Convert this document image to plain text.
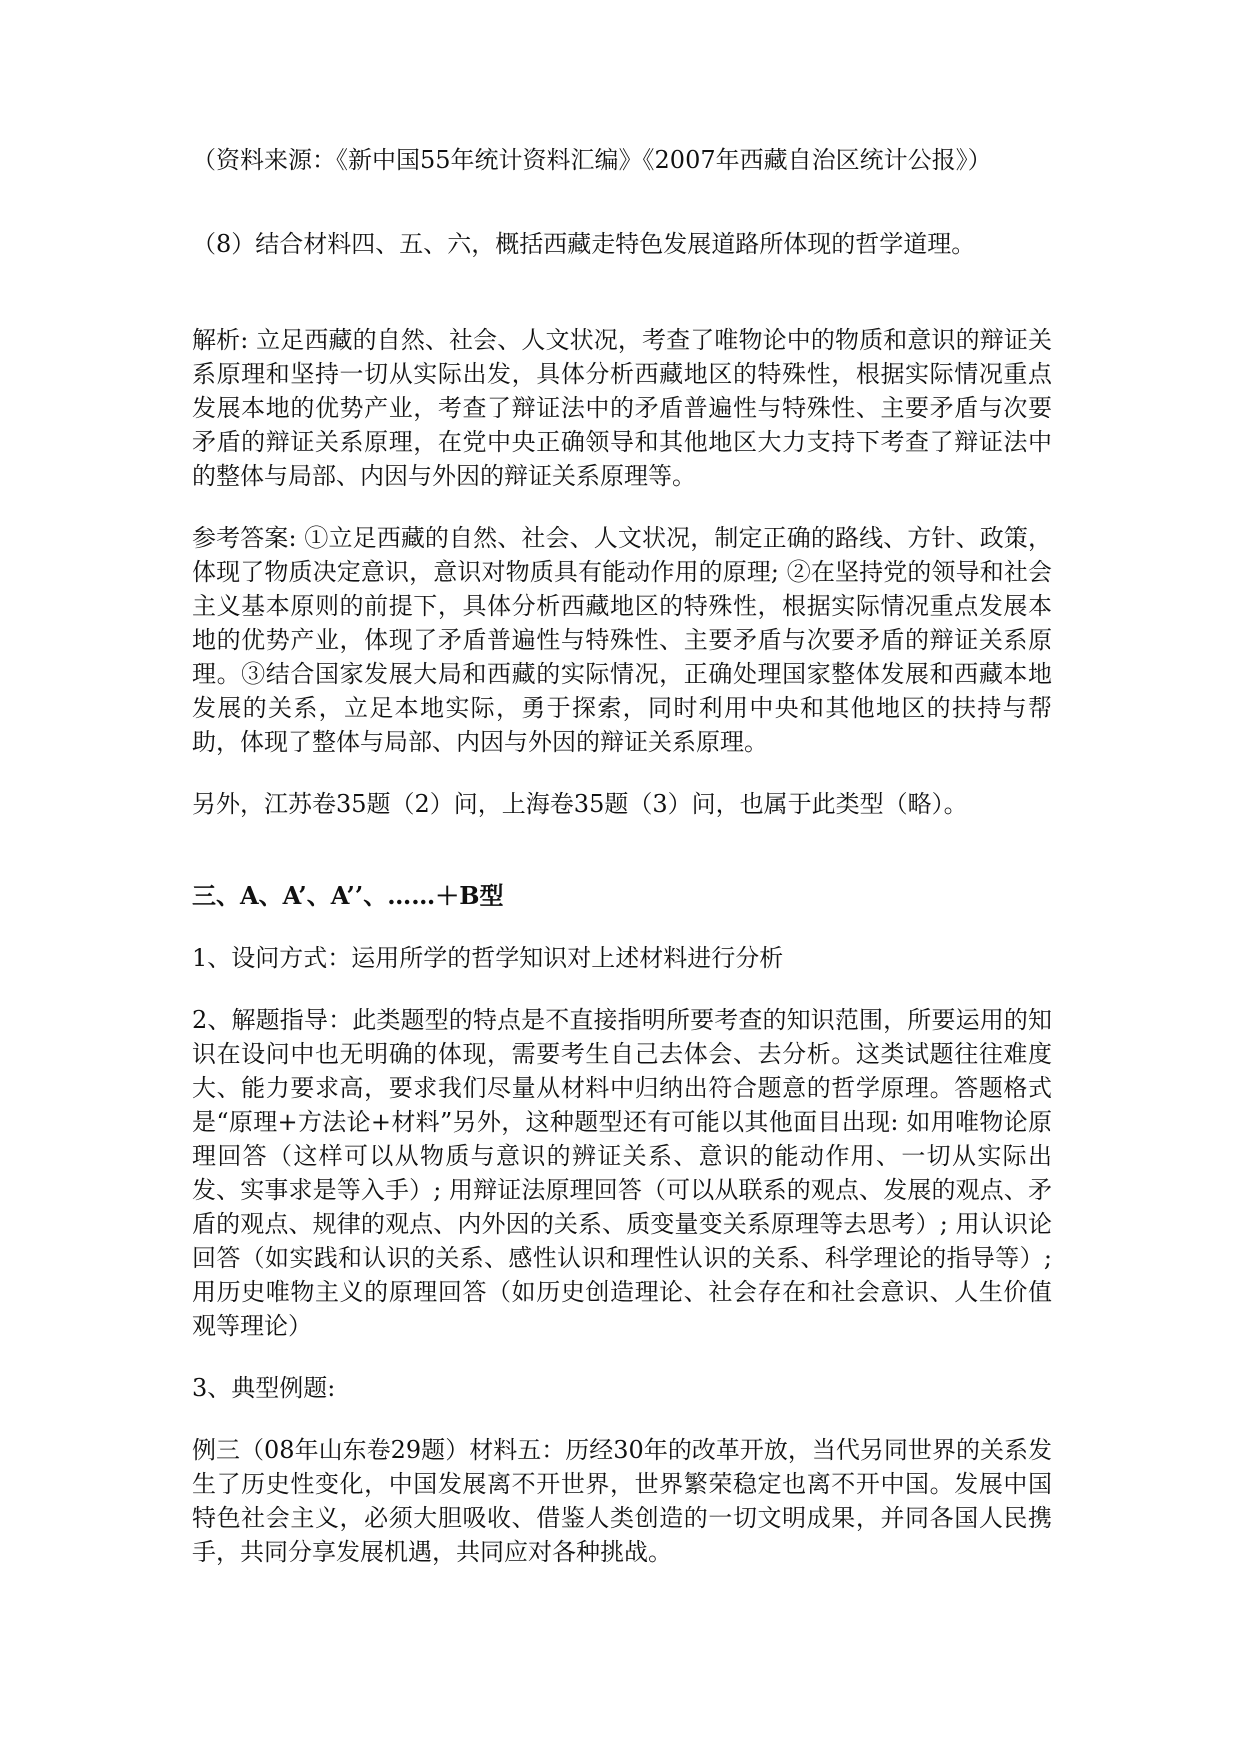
（资料来源：《新中国55年统计资料汇编》《2007年西藏自治区统计公报》）

（8）结合材料四、五、六，概括西藏走特色发展道路所体现的哲学道理。

解析: 立足西藏的自然、社会、人文状况，考查了唯物论中的物质和意识的辩证关系原理和坚持一切从实际出发，具体分析西藏地区的特殊性，根据实际情况重点发展本地的优势产业，考查了辩证法中的矛盾普遍性与特殊性、主要矛盾与次要矛盾的辩证关系原理，在党中央正确领导和其他地区大力支持下考查了辩证法中的整体与局部、内因与外因的辩证关系原理等。

参考答案: ①立足西藏的自然、社会、人文状况，制定正确的路线、方针、政策，体现了物质决定意识，意识对物质具有能动作用的原理; ②在坚持党的领导和社会主义基本原则的前提下，具体分析西藏地区的特殊性，根据实际情况重点发展本地的优势产业，体现了矛盾普遍性与特殊性、主要矛盾与次要矛盾的辩证关系原理。③结合国家发展大局和西藏的实际情况，正确处理国家整体发展和西藏本地发展的关系，立足本地实际，勇于探索，同时利用中央和其他地区的扶持与帮助，体现了整体与局部、内因与外因的辩证关系原理。

另外，江苏卷35题（2）问，上海卷35题（3）问，也属于此类型（略）。

三、A、A’、A’’、……＋B型

1、设问方式：运用所学的哲学知识对上述材料进行分析

2、解题指导：此类题型的特点是不直接指明所要考查的知识范围，所要运用的知识在设问中也无明确的体现，需要考生自己去体会、去分析。这类试题往往难度大、能力要求高，要求我们尽量从材料中归纳出符合题意的哲学原理。答题格式是“原理+方法论+材料”另外，这种题型还有可能以其他面目出现: 如用唯物论原理回答（这样可以从物质与意识的辨证关系、意识的能动作用、一切从实际出发、实事求是等入手）; 用辩证法原理回答（可以从联系的观点、发展的观点、矛盾的观点、规律的观点、内外因的关系、质变量变关系原理等去思考）; 用认识论回答（如实践和认识的关系、感性认识和理性认识的关系、科学理论的指导等）; 用历史唯物主义的原理回答（如历史创造理论、社会存在和社会意识、人生价值观等理论）

3、典型例题:

例三（08年山东卷29题）材料五：历经30年的改革开放，当代另同世界的关系发生了历史性变化，中国发展离不开世界，世界繁荣稳定也离不开中国。发展中国特色社会主义，必须大胆吸收、借鉴人类创造的一切文明成果，并同各国人民携手，共同分享发展机遇，共同应对各种挑战。
